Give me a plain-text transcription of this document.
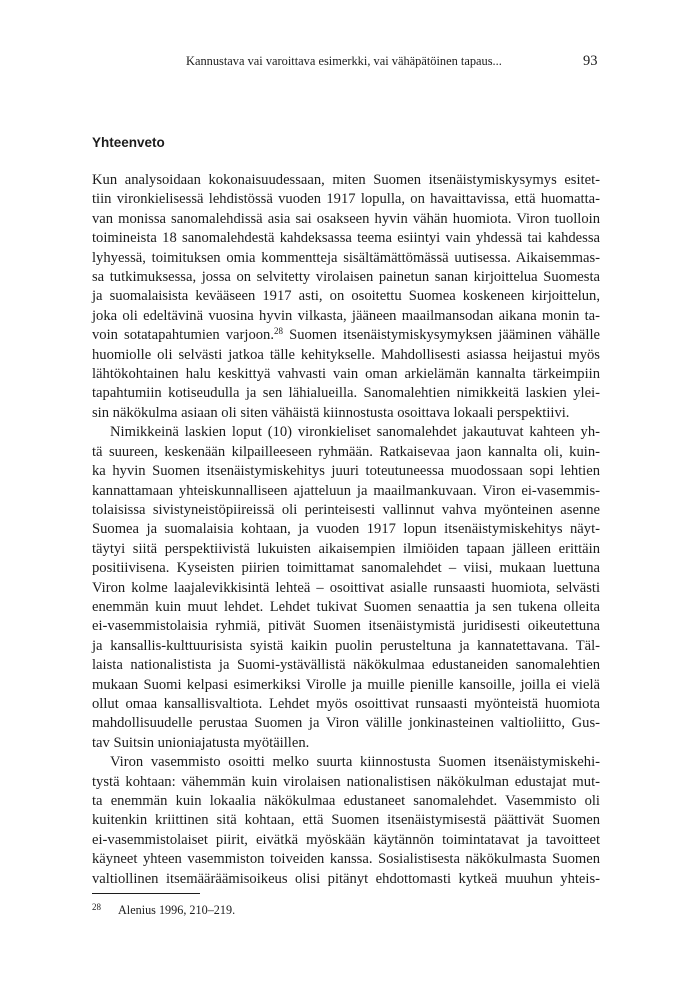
Kannustava vai varoittava esimerkki, vai vähäpätöinen tapaus...	93
Yhteenveto
Kun analysoidaan kokonaisuudessaan, miten Suomen itsenäistymiskysymys esitet-
tiin vironkielisessä lehdistössä vuoden 1917 lopulla, on havaittavissa, että huomatta-
van monissa sanomalehdissä asia sai osakseen hyvin vähän huomiota. Viron tuolloin
toimineista 18 sanomalehdestä kahdeksassa teema esiintyi vain yhdessä tai kahdessa
lyhyessä, toimituksen omia kommentteja sisältämättömässä uutisessa. Aikaisemmas-
sa tutkimuksessa, jossa on selvitetty virolaisen painetun sanan kirjoittelua Suomesta
ja suomalaisista kevääseen 1917 asti, on osoitettu Suomea koskeneen kirjoittelun,
joka oli edeltävinä vuosina hyvin vilkasta, jääneen maailmansodan aikana monin ta-
voin sotatapahtumien varjoon.$^{28}$ Suomen itsenäistymiskysymyksen jääminen vähälle
huomiolle oli selvästi jatkoa tälle kehitykselle. Mahdollisesti asiassa heijastui myös
lähtökohtainen halu keskittyä vahvasti vain oman arkielämän kannalta tärkeimpiin
tapahtumiin kotiseudulla ja sen lähialueilla. Sanomalehtien nimikkeitä laskien ylei-
sin näkökulma asiaan oli siten vähäistä kiinnostusta osoittava lokaali perspektiivi.
Nimikkeinä laskien loput (10) vironkieliset sanomalehdet jakautuvat kahteen yh-
tä suureen, keskenään kilpailleeseen ryhmään. Ratkaisevaa jaon kannalta oli, kuin-
ka hyvin Suomen itsenäistymiskehitys juuri toteutuneessa muodossaan sopi lehtien
kannattamaan yhteiskunnalliseen ajatteluun ja maailmankuvaan. Viron ei-vasemmis-
tolaisissa sivistyneistöpiireissä oli perinteisesti vallinnut vahva myönteinen asenne
Suomea ja suomalaisia kohtaan, ja vuoden 1917 lopun itsenäistymiskehitys näyt-
täytyi siitä perspektiivistä lukuisten aikaisempien ilmiöiden tapaan jälleen erittäin
positiivisena. Kyseisten piirien toimittamat sanomalehdet – viisi, mukaan luettuna
Viron kolme laajalevikkisintä lehteä – osoittivat asialle runsaasti huomiota, selvästi
enemmän kuin muut lehdet. Lehdet tukivat Suomen senaattia ja sen tukena olleita
ei-vasemmistolaisia ryhmiä, pitivät Suomen itsenäistymistä juridisesti oikeutettuna
ja kansallis-kulttuurisista syistä kaikin puolin perusteltuna ja kannatettavana. Täl-
laista nationalistista ja Suomi-ystävällistä näkökulmaa edustaneiden sanomalehtien
mukaan Suomi kelpasi esimerkiksi Virolle ja muille pienille kansoille, joilla ei vielä
ollut omaa kansallisvaltiota. Lehdet myös osoittivat runsaasti myönteistä huomiota
mahdollisuudelle perustaa Suomen ja Viron välille jonkinasteinen valtioliitto, Gus-
tav Suitsin unioniajatusta myötäillen.
Viron vasemmisto osoitti melko suurta kiinnostusta Suomen itsenäistymiskehi-
tystä kohtaan: vähemmän kuin virolaisen nationalistisen näkökulman edustajat mut-
ta enemmän kuin lokaalia näkökulmaa edustaneet sanomalehdet. Vasemmisto oli
kuitenkin kriittinen sitä kohtaan, että Suomen itsenäistymisestä päättivät Suomen
ei-vasemmistolaiset piirit, eivätkä myöskään käytännön toimintatavat ja tavoitteet
käyneet yhteen vasemmiston toiveiden kanssa. Sosialistisesta näkökulmasta Suomen
valtiollinen itsemääräämisoikeus olisi pitänyt ehdottomasti kytkeä muuhun yhteis-
28 Alenius 1996, 210–219.
